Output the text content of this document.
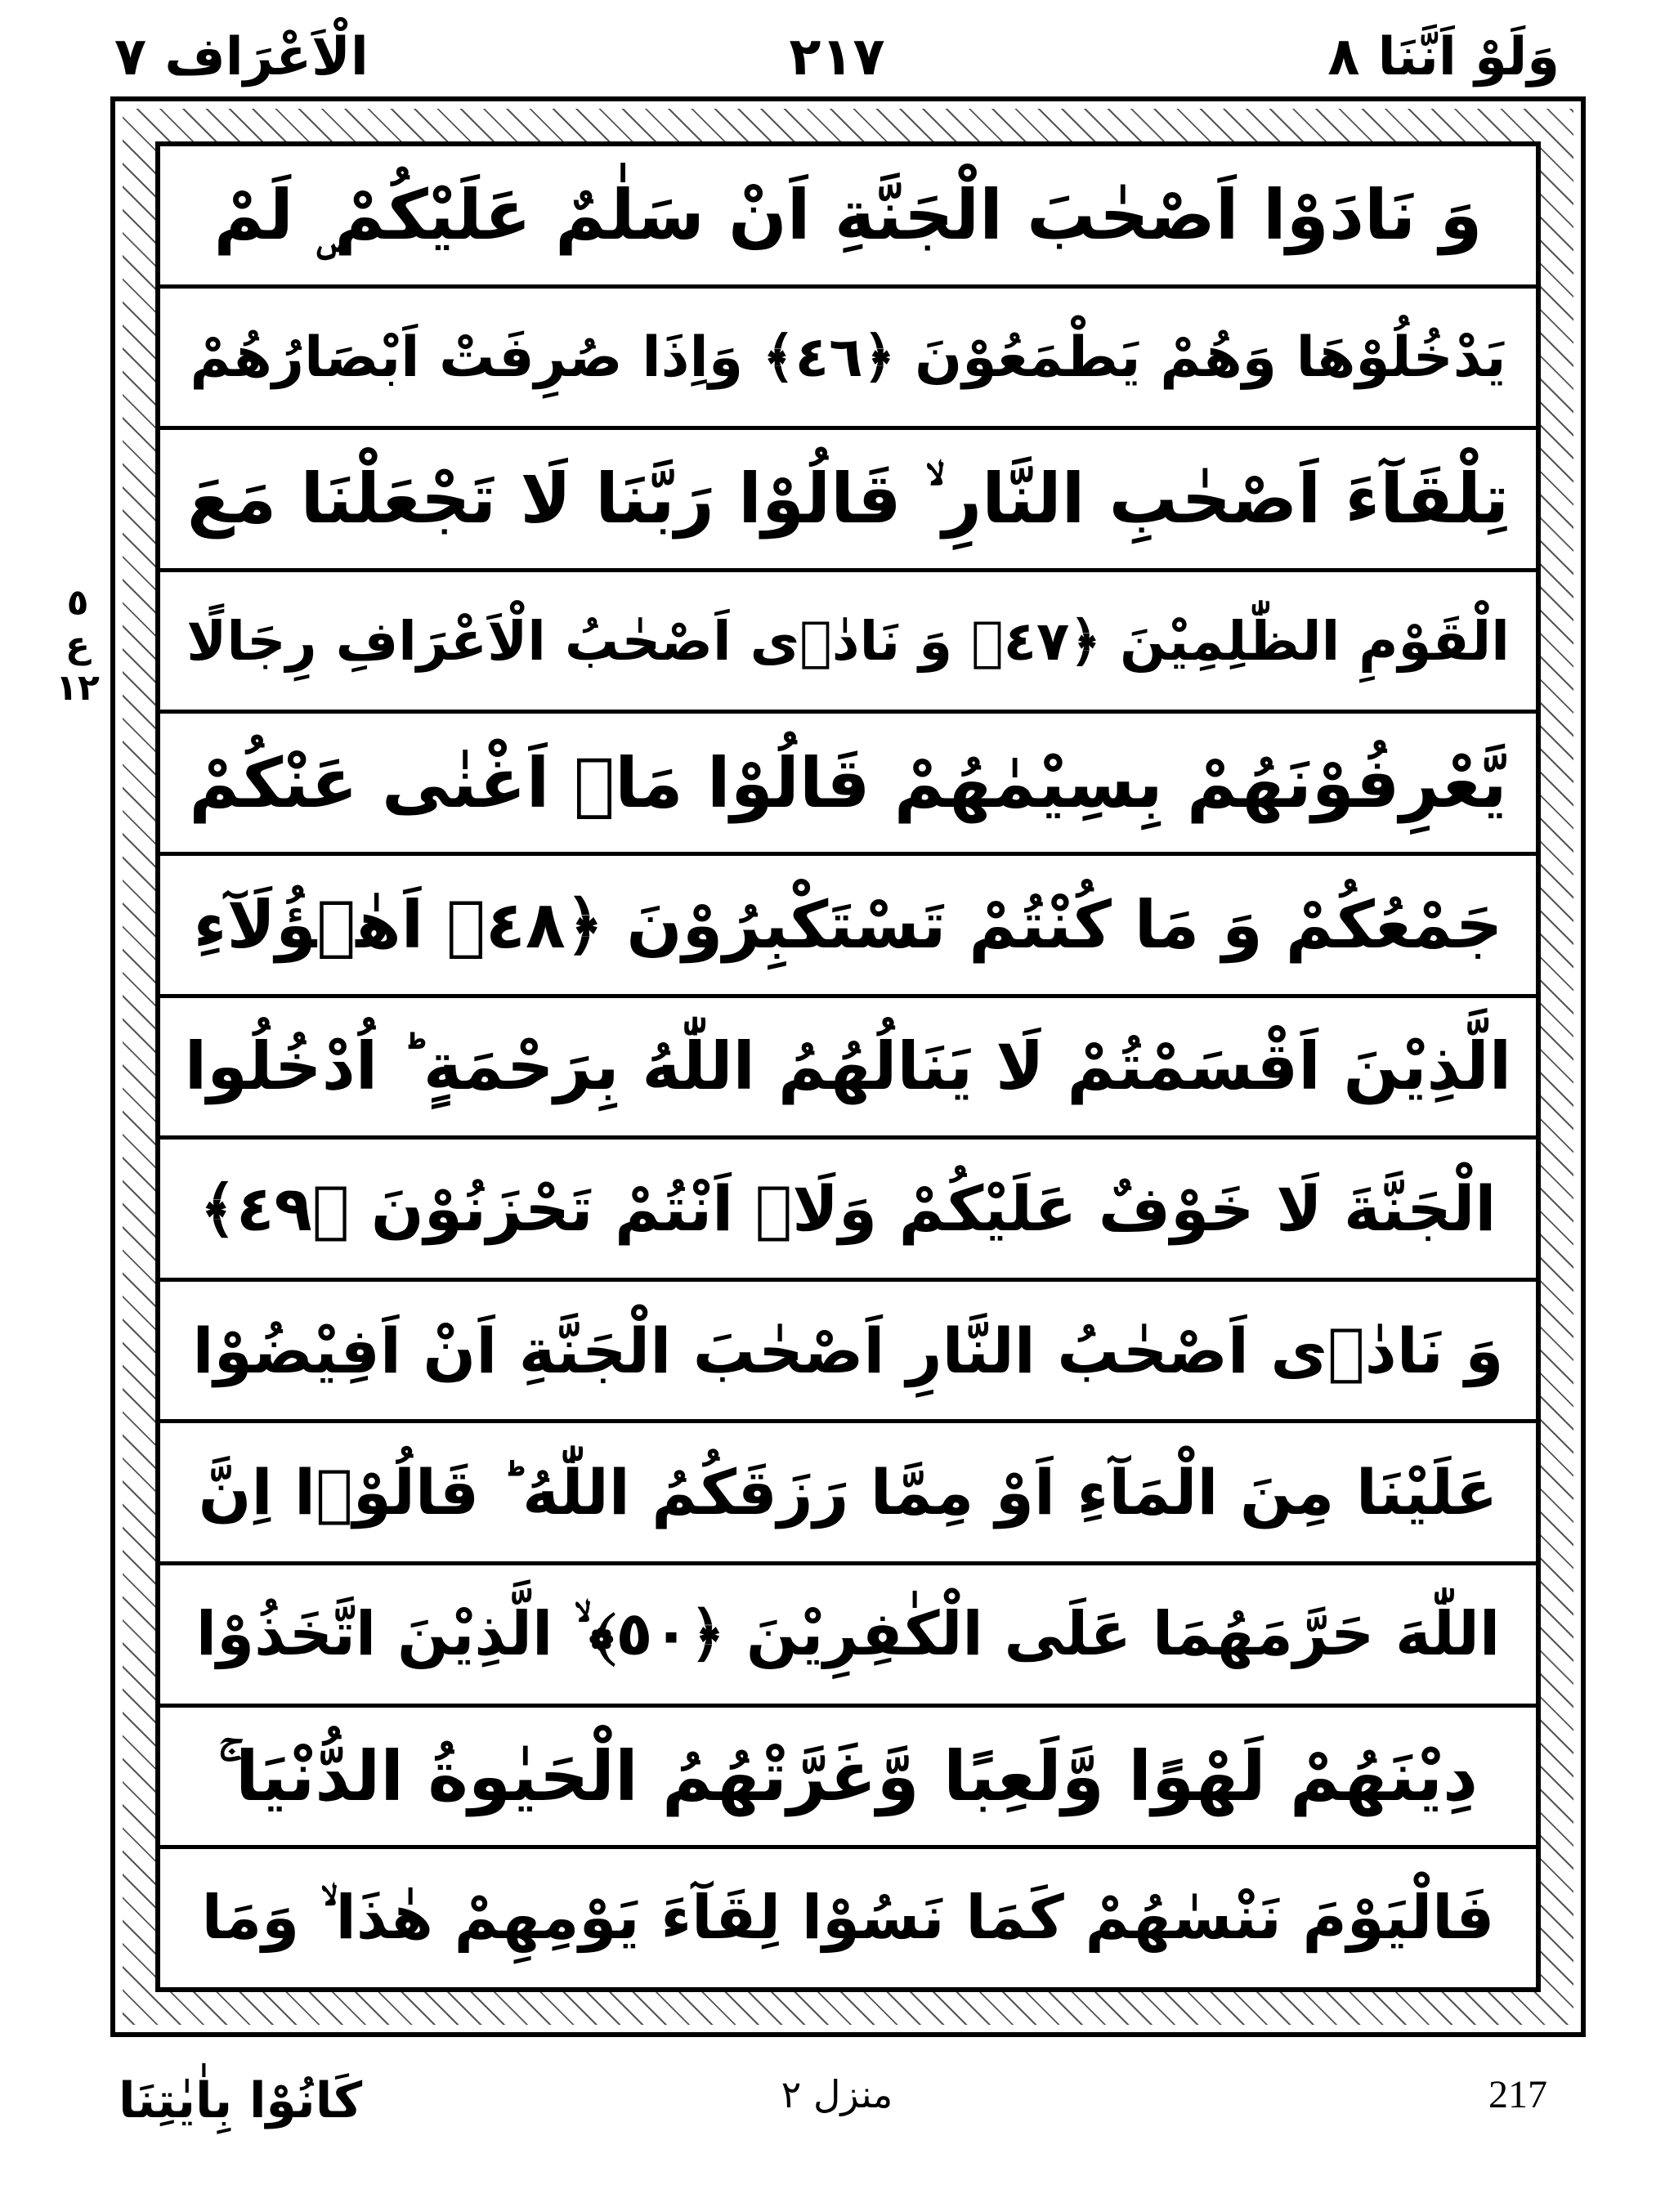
وَلَوْ اَنَّنَا ٨
٢١٧
الْاَعْرَاف ٧
وَ نَادَوْا اَصْحٰبَ الْجَنَّةِ اَنْ سَلٰمٌ عَلَيْكُمْ ۣ لَمْ
يَدْخُلُوْهَا وَهُمْ يَطْمَعُوْنَ ﴿٤٦﴾ وَاِذَا صُرِفَتْ اَبْصَارُهُمْ
تِلْقَآءَ اَصْحٰبِ النَّارِ ۙ قَالُوْا رَبَّنَا لَا تَجْعَلْنَا مَعَ
الْقَوْمِ الظّٰلِمِيْنَ ﴿٤٧﴾ وَ نَادٰۤى اَصْحٰبُ الْاَعْرَافِ رِجَالًا
يَّعْرِفُوْنَهُمْ بِسِيْمٰهُمْ قَالُوْا مَاۤ اَغْنٰى عَنْكُمْ
جَمْعُكُمْ وَ مَا كُنْتُمْ تَسْتَكْبِرُوْنَ ﴿٤٨﴾ اَهٰۤؤُلَآءِ
الَّذِيْنَ اَقْسَمْتُمْ لَا يَنَالُهُمُ اللّٰهُ بِرَحْمَةٍ ؕ اُدْخُلُوا
الْجَنَّةَ لَا خَوْفٌ عَلَيْكُمْ وَلَاۤ اَنْتُمْ تَحْزَنُوْنَ ﴿٤٩﴾
وَ نَادٰۤى اَصْحٰبُ النَّارِ اَصْحٰبَ الْجَنَّةِ اَنْ اَفِيْضُوْا
عَلَيْنَا مِنَ الْمَآءِ اَوْ مِمَّا رَزَقَكُمُ اللّٰهُ ؕ قَالُوْۤا اِنَّ
اللّٰهَ حَرَّمَهُمَا عَلَى الْكٰفِرِيْنَ ﴿٥٠﴾ ۙ الَّذِيْنَ اتَّخَذُوْا
دِيْنَهُمْ لَهْوًا وَّلَعِبًا وَّغَرَّتْهُمُ الْحَيٰوةُ الدُّنْيَا ۚ
فَالْيَوْمَ نَنْسٰهُمْ كَمَا نَسُوْا لِقَآءَ يَوْمِهِمْ هٰذَا ۙ وَمَا
٥
ع
١٢
كَانُوْا بِاٰيٰتِنَا	منزل ٢	217
